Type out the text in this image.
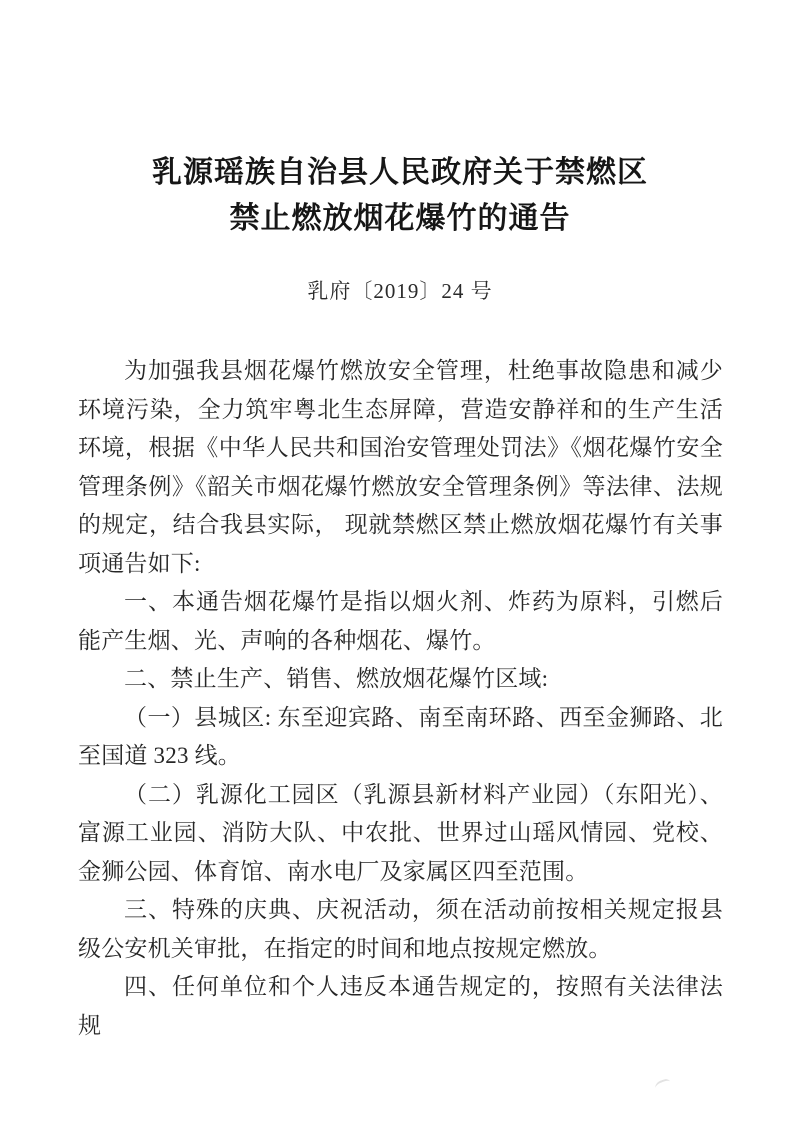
乳源瑶族自治县人民政府关于禁燃区
禁止燃放烟花爆竹的通告
乳府〔2019〕24 号

为加强我县烟花爆竹燃放安全管理，杜绝事故隐患和减少环境污染，全力筑牢粤北生态屏障，营造安静祥和的生产生活环境，根据《中华人民共和国治安管理处罚法》《烟花爆竹安全管理条例》《韶关市烟花爆竹燃放安全管理条例》等法律、法规的规定，结合我县实际， 现就禁燃区禁止燃放烟花爆竹有关事项通告如下:

一、本通告烟花爆竹是指以烟火剂、炸药为原料，引燃后能产生烟、光、声响的各种烟花、爆竹。

二、禁止生产、销售、燃放烟花爆竹区域:

（一）县城区: 东至迎宾路、南至南环路、西至金狮路、北至国道 323 线。

（二）乳源化工园区（乳源县新材料产业园）（东阳光）、富源工业园、消防大队、中农批、世界过山瑶风情园、党校、金狮公园、体育馆、南水电厂及家属区四至范围。

三、特殊的庆典、庆祝活动，须在活动前按相关规定报县级公安机关审批，在指定的时间和地点按规定燃放。

四、任何单位和个人违反本通告规定的，按照有关法律法规
